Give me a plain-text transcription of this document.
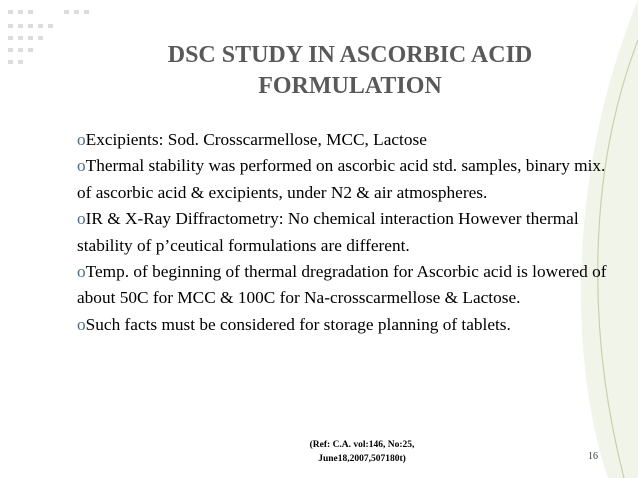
DSC STUDY IN ASCORBIC ACID
FORMULATION
oExcipients: Sod. Crosscarmellose, MCC, Lactose
oThermal stability was performed on ascorbic acid std. samples, binary mix. of ascorbic acid & excipients, under N2 & air atmospheres.
oIR & X-Ray Diffractometry: No chemical interaction However thermal stability of p’ceutical formulations are different.
oTemp. of beginning of thermal dregradation for Ascorbic acid is lowered of about 50C for MCC & 100C for Na-crosscarmellose & Lactose.
oSuch facts must be considered for storage planning of tablets.
(Ref: C.A. vol:146, No:25,
June18,2007,507180t)	16
